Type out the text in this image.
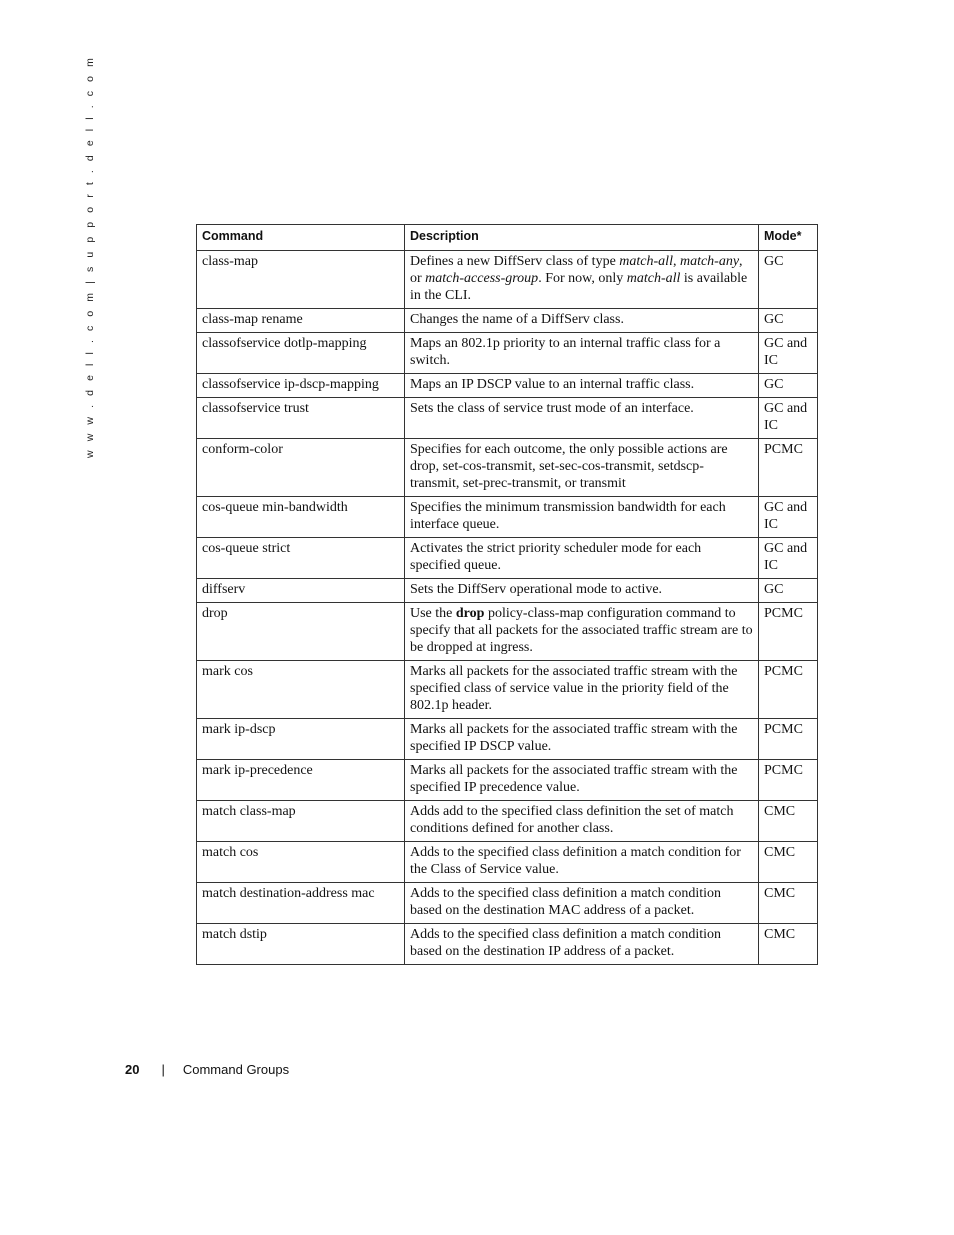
w w w . d e l l . c o m | s u p p o r t . d e l l . c o m	Command	Description	Mode*
class-map	Defines a new DiffServ class of type match-all, match-any, or match-access-group. For now, only match-all is available in the CLI.	GC
class-map rename	Changes the name of a DiffServ class.	GC
classofservice dotlp-mapping	Maps an 802.1p priority to an internal traffic class for a switch.	GC and IC
classofservice ip-dscp-mapping	Maps an IP DSCP value to an internal traffic class.	GC
classofservice trust	Sets the class of service trust mode of an interface.	GC and IC
conform-color	Specifies for each outcome, the only possible actions are drop, set-cos-transmit, set-sec-cos-transmit, setdscp-transmit, set-prec-transmit, or transmit	PCMC
cos-queue min-bandwidth	Specifies the minimum transmission bandwidth for each interface queue.	GC and IC
cos-queue strict	Activates the strict priority scheduler mode for each specified queue.	GC and IC
diffserv	Sets the DiffServ operational mode to active.	GC
drop	Use the drop policy-class-map configuration command to specify that all packets for the associated traffic stream are to be dropped at ingress.	PCMC
mark cos	Marks all packets for the associated traffic stream with the specified class of service value in the priority field of the 802.1p header.	PCMC
mark ip-dscp	Marks all packets for the associated traffic stream with the specified IP DSCP value.	PCMC
mark ip-precedence	Marks all packets for the associated traffic stream with the specified IP precedence value.	PCMC
match class-map	Adds add to the specified class definition the set of match conditions defined for another class.	CMC
match cos	Adds to the specified class definition a match condition for the Class of Service value.	CMC
match destination-address mac	Adds to the specified class definition a match condition based on the destination MAC address of a packet.	CMC
match dstip	Adds to the specified class definition a match condition based on the destination IP address of a packet.	CMC
20 | Command Groups
